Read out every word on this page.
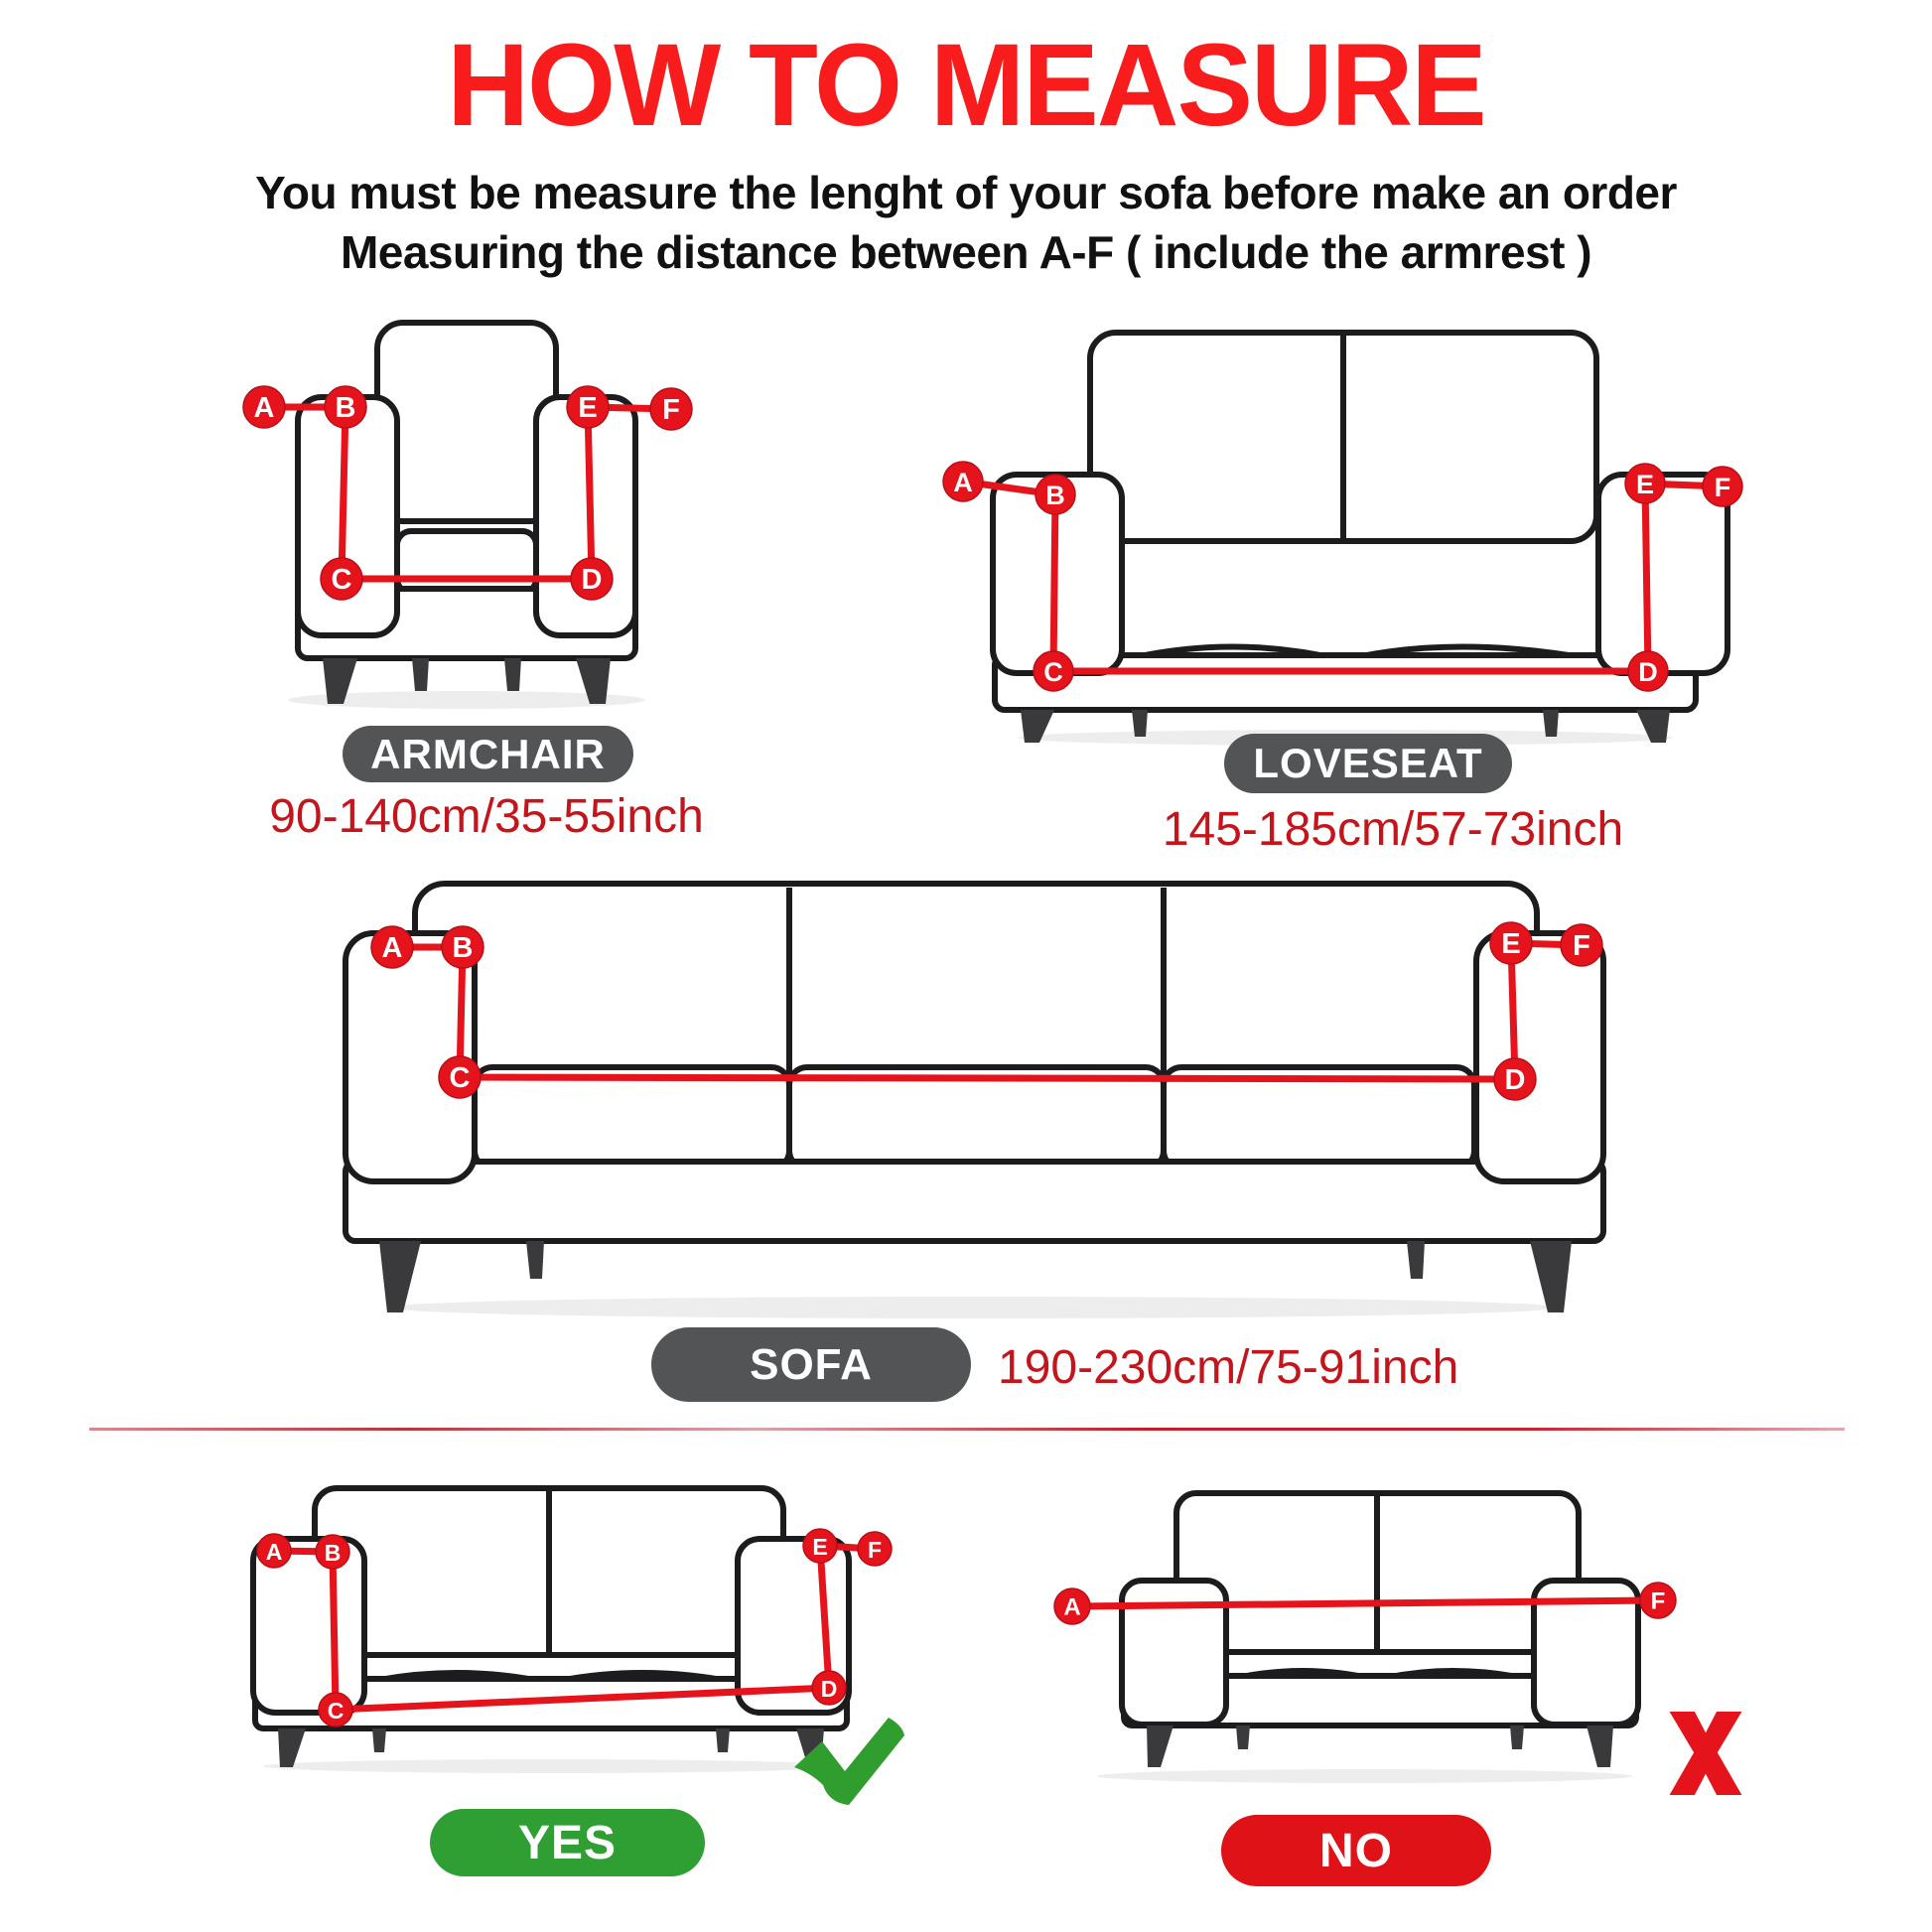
HOW TO MEASURE
You must be measure the lenght of your sofa before make an order
Measuring the distance between A-F ( include the armrest )
A B
C	D
E F
ARMCHAIR
90-140cm/35-55inch
A	B
C	D
E F
LOVESEAT
145-185cm/57-73inch
A B
C	D
E F
SOFA	190-230cm/75-91inch
A B
C
D
E F
YES
A	F
NO
